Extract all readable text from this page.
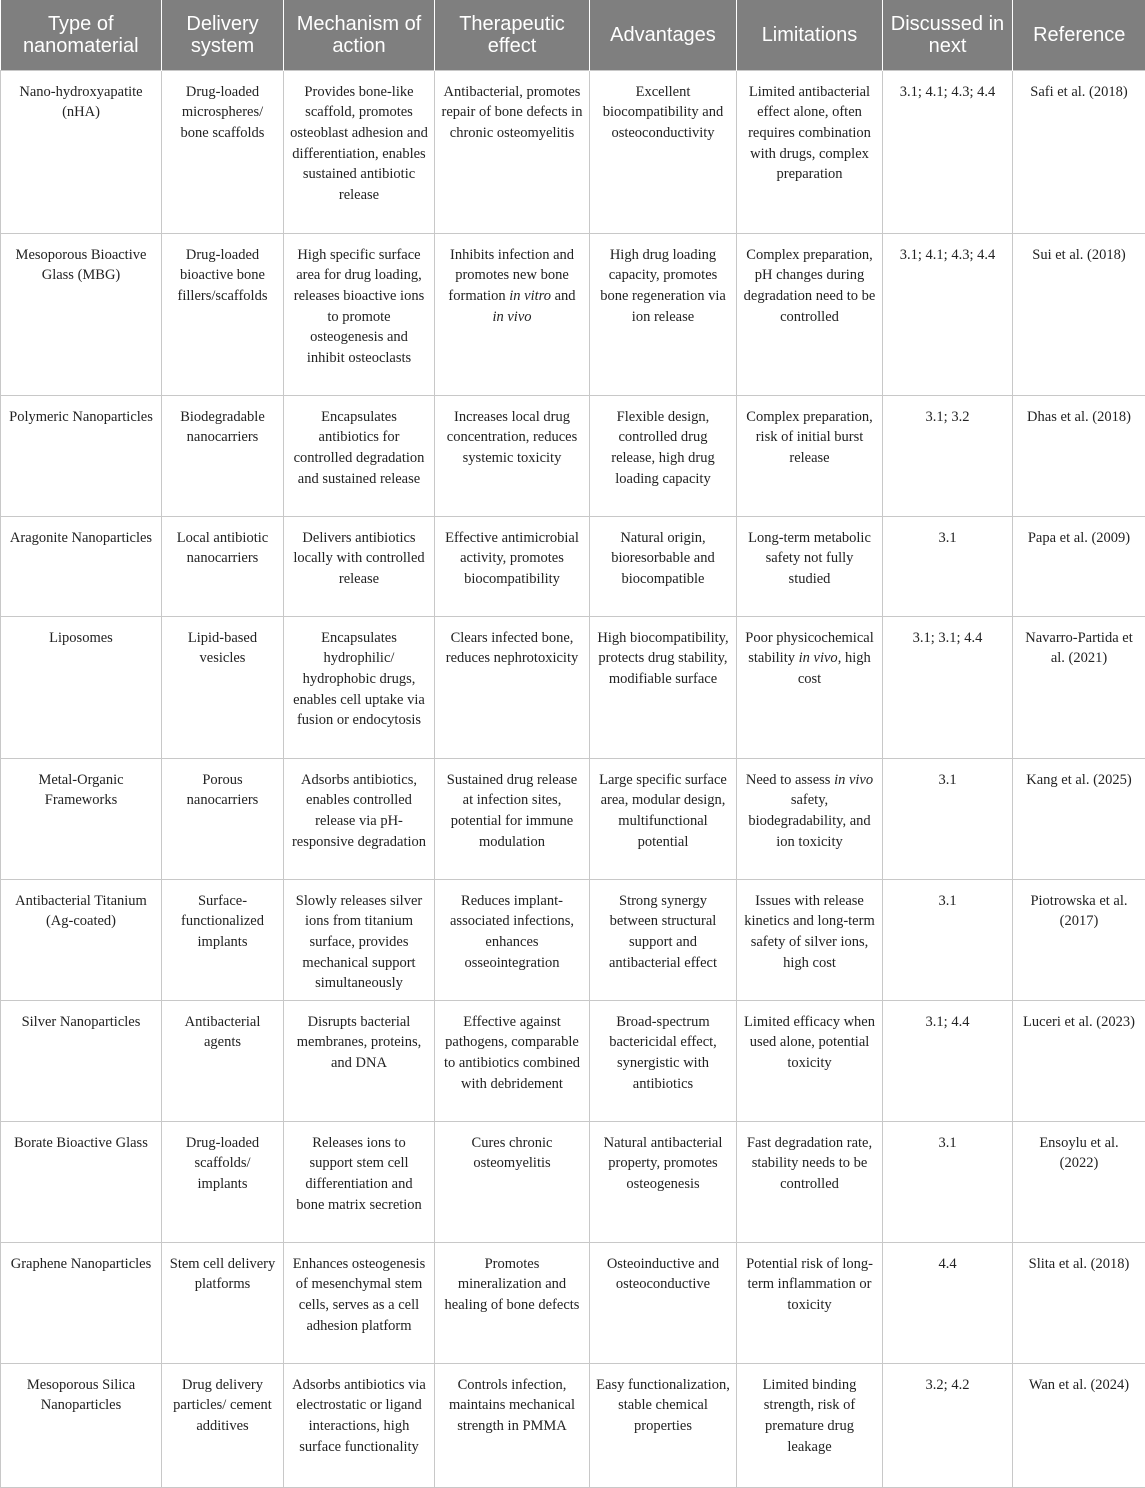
Type of nanomaterial	Delivery system	Mechanism of action	Therapeutic effect	Advantages	Limitations	Discussed in next	Reference
Nano-hydroxyapatite (nHA)	Drug-loaded microspheres/ bone scaffolds	Provides bone-like scaffold, promotes osteoblast adhesion and differentiation, enables sustained antibiotic release	Antibacterial, promotes repair of bone defects in chronic osteomyelitis	Excellent biocompatibility and osteoconductivity	Limited antibacterial effect alone, often requires combination with drugs, complex preparation	3.1; 4.1; 4.3; 4.4	Safi et al. (2018)
Mesoporous Bioactive Glass (MBG)	Drug-loaded bioactive bone fillers/scaffolds	High specific surface area for drug loading, releases bioactive ions to promote osteogenesis and inhibit osteoclasts	Inhibits infection and promotes new bone formation in vitro and in vivo	High drug loading capacity, promotes bone regeneration via ion release	Complex preparation, pH changes during degradation need to be controlled	3.1; 4.1; 4.3; 4.4	Sui et al. (2018)
Polymeric Nanoparticles	Biodegradable nanocarriers	Encapsulates antibiotics for controlled degradation and sustained release	Increases local drug concentration, reduces systemic toxicity	Flexible design, controlled drug release, high drug loading capacity	Complex preparation, risk of initial burst release	3.1; 3.2	Dhas et al. (2018)
Aragonite Nanoparticles	Local antibiotic nanocarriers	Delivers antibiotics locally with controlled release	Effective antimicrobial activity, promotes biocompatibility	Natural origin, bioresorbable and biocompatible	Long-term metabolic safety not fully studied	3.1	Papa et al. (2009)
Liposomes	Lipid-based vesicles	Encapsulates hydrophilic/ hydrophobic drugs, enables cell uptake via fusion or endocytosis	Clears infected bone, reduces nephrotoxicity	High biocompatibility, protects drug stability, modifiable surface	Poor physicochemical stability in vivo, high cost	3.1; 3.1; 4.4	Navarro-Partida et al. (2021)
Metal-Organic Frameworks	Porous nanocarriers	Adsorbs antibiotics, enables controlled release via pH-responsive degradation	Sustained drug release at infection sites, potential for immune modulation	Large specific surface area, modular design, multifunctional potential	Need to assess in vivo safety, biodegradability, and ion toxicity	3.1	Kang et al. (2025)
Antibacterial Titanium (Ag-coated)	Surface-functionalized implants	Slowly releases silver ions from titanium surface, provides mechanical support simultaneously	Reduces implant-associated infections, enhances osseointegration	Strong synergy between structural support and antibacterial effect	Issues with release kinetics and long-term safety of silver ions, high cost	3.1	Piotrowska et al. (2017)
Silver Nanoparticles	Antibacterial agents	Disrupts bacterial membranes, proteins, and DNA	Effective against pathogens, comparable to antibiotics combined with debridement	Broad-spectrum bactericidal effect, synergistic with antibiotics	Limited efficacy when used alone, potential toxicity	3.1; 4.4	Luceri et al. (2023)
Borate Bioactive Glass	Drug-loaded scaffolds/ implants	Releases ions to support stem cell differentiation and bone matrix secretion	Cures chronic osteomyelitis	Natural antibacterial property, promotes osteogenesis	Fast degradation rate, stability needs to be controlled	3.1	Ensoylu et al. (2022)
Graphene Nanoparticles	Stem cell delivery platforms	Enhances osteogenesis of mesenchymal stem cells, serves as a cell adhesion platform	Promotes mineralization and healing of bone defects	Osteoinductive and osteoconductive	Potential risk of long-term inflammation or toxicity	4.4	Slita et al. (2018)
Mesoporous Silica Nanoparticles	Drug delivery particles/ cement additives	Adsorbs antibiotics via electrostatic or ligand interactions, high surface functionality	Controls infection, maintains mechanical strength in PMMA	Easy functionalization, stable chemical properties	Limited binding strength, risk of premature drug leakage	3.2; 4.2	Wan et al. (2024)
